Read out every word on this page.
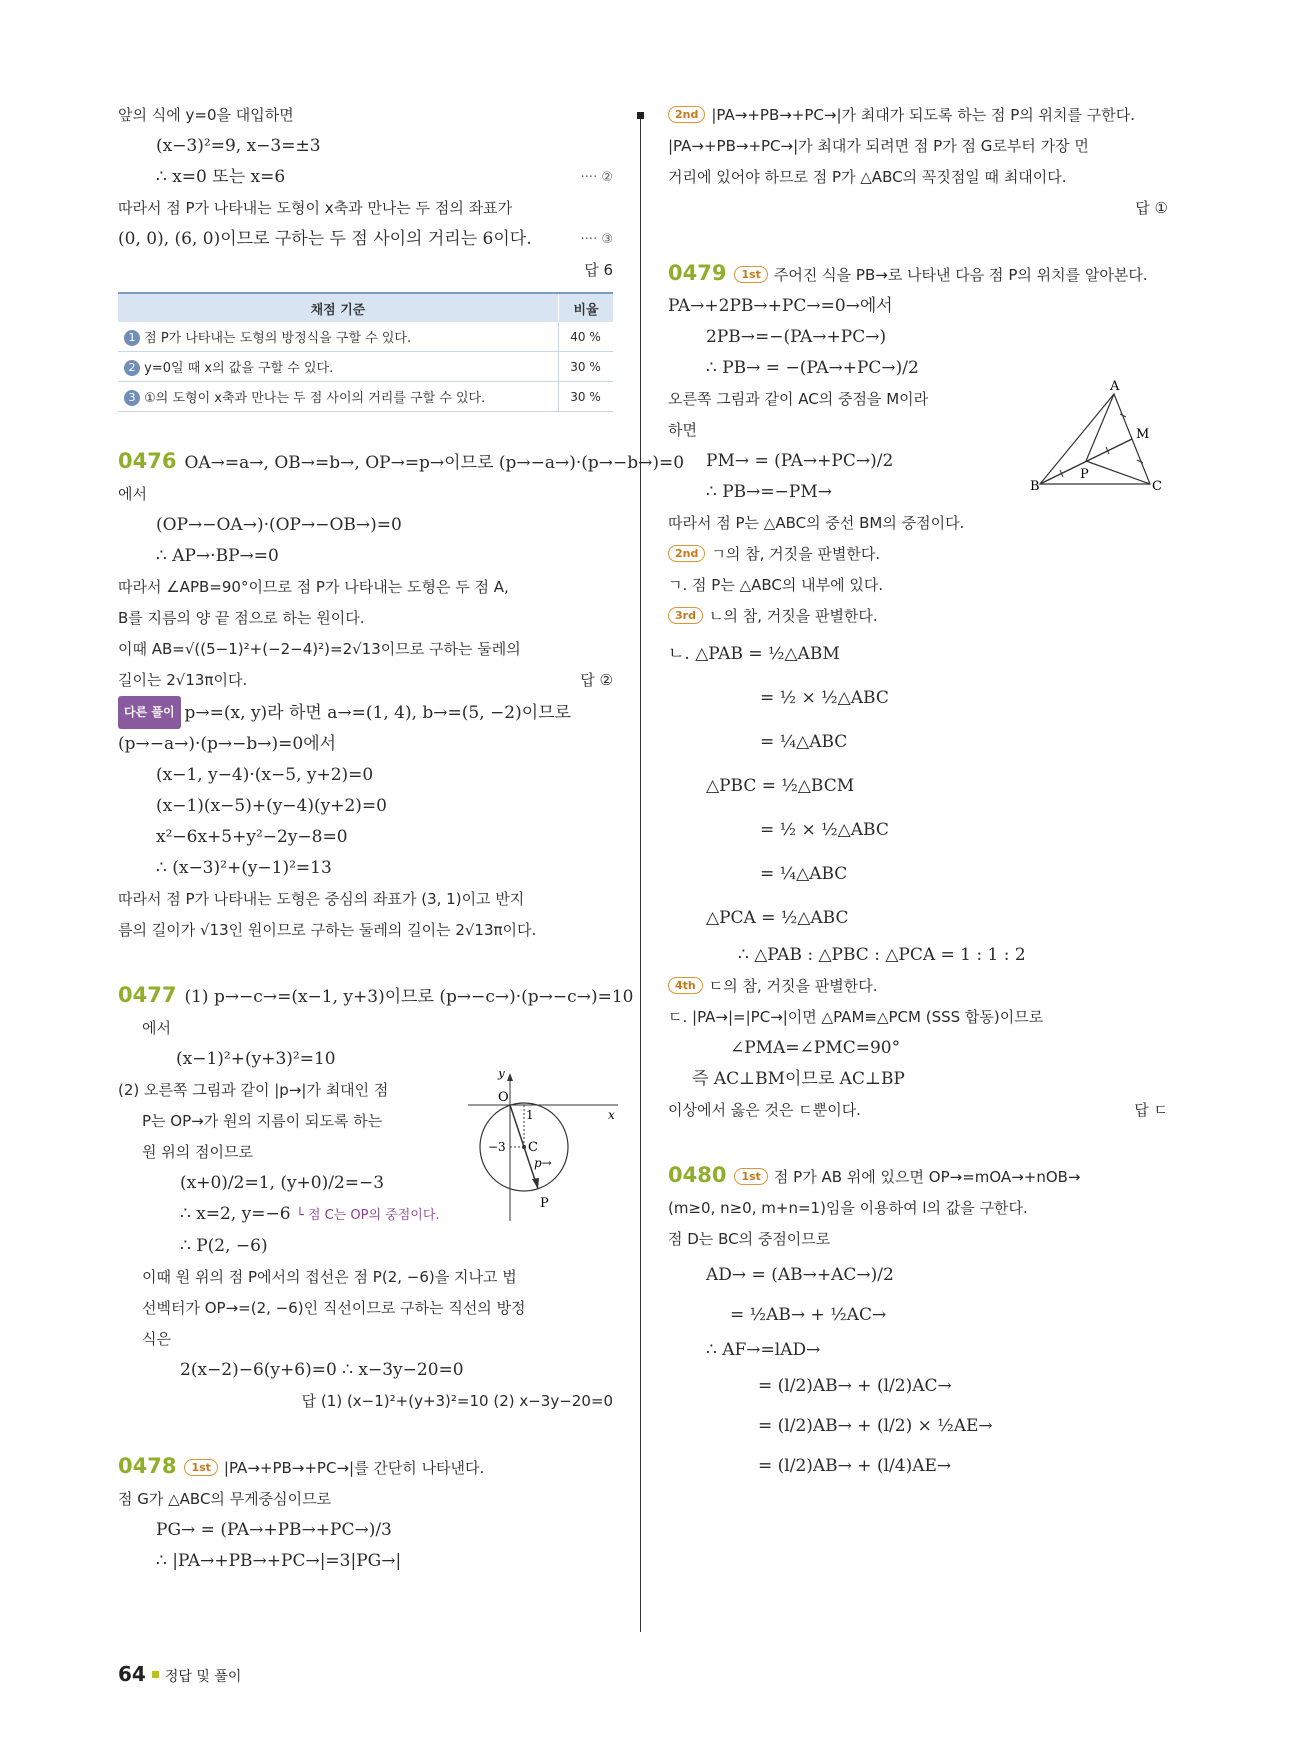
앞의 식에 y=0을 대입하면
(x−3)²=9, x−3=±3
∴ x=0 또는 x=6	···· ②
따라서 점 P가 나타내는 도형이 x축과 만나는 두 점의 좌표가
(0, 0), (6, 0)이므로 구하는 두 점 사이의 거리는 6이다.	···· ③
답 6
채점 기준	비율
1 점 P가 나타내는 도형의 방정식을 구할 수 있다.	40 %
2 y=0일 때 x의 값을 구할 수 있다.	30 %
3 ①의 도형이 x축과 만나는 두 점 사이의 거리를 구할 수 있다.	30 %
0476 OA→=a→, OB→=b→, OP→=p→이므로 (p→−a→)·(p→−b→)=0
에서
(OP→−OA→)·(OP→−OB→)=0
∴ AP→·BP→=0
따라서 ∠APB=90°이므로 점 P가 나타내는 도형은 두 점 A,
B를 지름의 양 끝 점으로 하는 원이다.
이때 AB=√((5−1)²+(−2−4)²)=2√13이므로 구하는 둘레의
길이는 2√13π이다.	답 ②
다른 풀이 p→=(x, y)라 하면 a→=(1, 4), b→=(5, −2)이므로
(p→−a→)·(p→−b→)=0에서
(x−1, y−4)·(x−5, y+2)=0
(x−1)(x−5)+(y−4)(y+2)=0
x²−6x+5+y²−2y−8=0
∴ (x−3)²+(y−1)²=13
따라서 점 P가 나타내는 도형은 중심의 좌표가 (3, 1)이고 반지
름의 길이가 √13인 원이므로 구하는 둘레의 길이는 2√13π이다.
0477 (1) p→−c→=(x−1, y+3)이므로 (p→−c→)·(p→−c→)=10
에서
(x−1)²+(y+3)²=10
(2) 오른쪽 그림과 같이 |p→|가 최대인 점
P는 OP→가 원의 지름이 되도록 하는
원 위의 점이므로
(x+0)/2=1, (y+0)/2=−3
∴ x=2, y=−6 └ 점 C는 OP의 중점이다.
∴ P(2, −6)
y
x
O
1
−3 C
p→
P
이때 원 위의 점 P에서의 접선은 점 P(2, −6)을 지나고 법
선벡터가 OP→=(2, −6)인 직선이므로 구하는 직선의 방정
식은
2(x−2)−6(y+6)=0 ∴ x−3y−20=0
답 (1) (x−1)²+(y+3)²=10 (2) x−3y−20=0
0478 1st |PA→+PB→+PC→|를 간단히 나타낸다.
점 G가 △ABC의 무게중심이므로
PG→ = (PA→+PB→+PC→)/3
∴ |PA→+PB→+PC→|=3|PG→|
2nd |PA→+PB→+PC→|가 최대가 되도록 하는 점 P의 위치를 구한다.
|PA→+PB→+PC→|가 최대가 되려면 점 P가 점 G로부터 가장 먼
거리에 있어야 하므로 점 P가 △ABC의 꼭짓점일 때 최대이다.
답 ①
0479 1st 주어진 식을 PB→로 나타낸 다음 점 P의 위치를 알아본다.
PA→+2PB→+PC→=0→에서
2PB→=−(PA→+PC→)
∴ PB→ = −(PA→+PC→)/2
오른쪽 그림과 같이 AC의 중점을 M이라
하면
PM→ = (PA→+PC→)/2
∴ PB→=−PM→
A
M
P
B	C
따라서 점 P는 △ABC의 중선 BM의 중점이다.
2nd ㄱ의 참, 거짓을 판별한다.
ㄱ. 점 P는 △ABC의 내부에 있다.
3rd ㄴ의 참, 거짓을 판별한다.
ㄴ. △PAB = ½△ABM
= ½ × ½△ABC
= ¼△ABC
△PBC = ½△BCM
= ½ × ½△ABC
= ¼△ABC
△PCA = ½△ABC
∴ △PAB : △PBC : △PCA = 1 : 1 : 2
4th ㄷ의 참, 거짓을 판별한다.
ㄷ. |PA→|=|PC→|이면 △PAM≡△PCM (SSS 합동)이므로
∠PMA=∠PMC=90°
즉 AC⊥BM이므로 AC⊥BP
이상에서 옳은 것은 ㄷ뿐이다.	답 ㄷ
0480 1st 점 P가 AB 위에 있으면 OP→=mOA→+nOB→
(m≥0, n≥0, m+n=1)임을 이용하여 l의 값을 구한다.
점 D는 BC의 중점이므로
AD→ = (AB→+AC→)/2
= ½AB→ + ½AC→
∴ AF→=lAD→
= (l/2)AB→ + (l/2)AC→
= (l/2)AB→ + (l/2) × ½AE→
= (l/2)AB→ + (l/4)AE→
64 정답 및 풀이
